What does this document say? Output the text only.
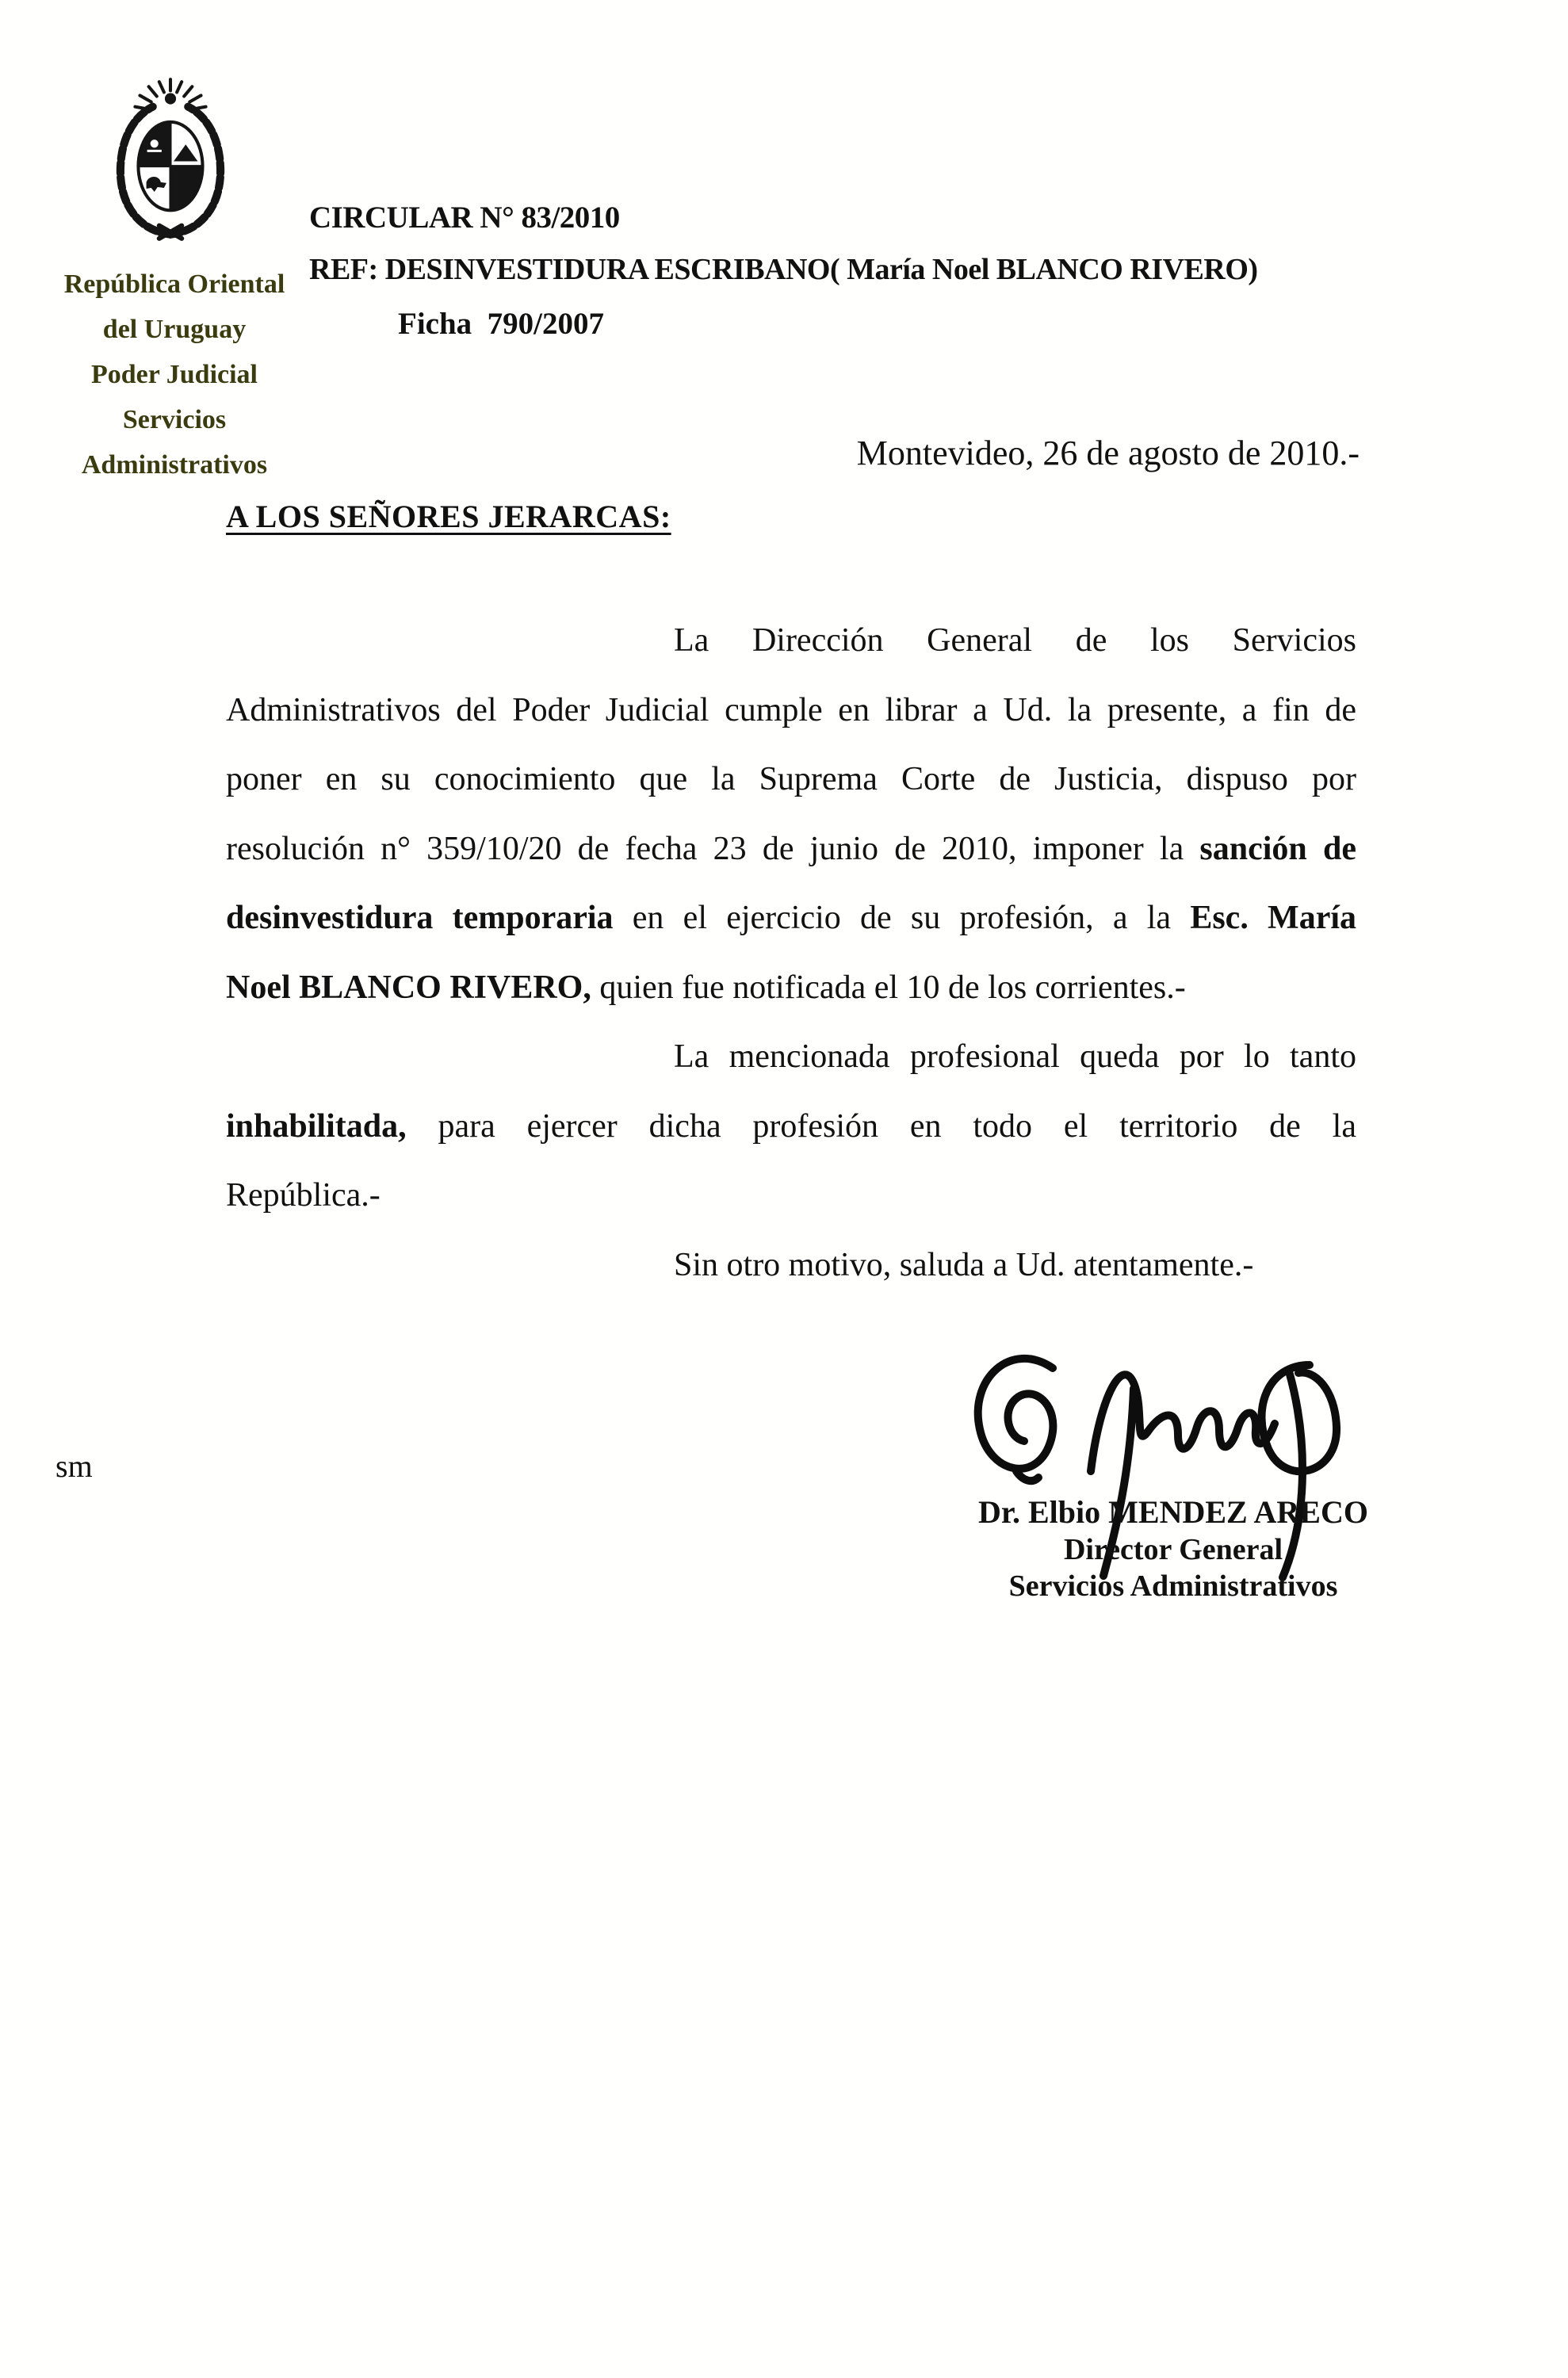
República Oriental
del Uruguay
Poder Judicial
Servicios
Administrativos
CIRCULAR N° 83/2010
REF: DESINVESTIDURA ESCRIBANO( María Noel BLANCO RIVERO)
Ficha  790/2007
Montevideo, 26 de agosto de 2010.-
A LOS SEÑORES JERARCAS:
La Dirección General de los Servicios
Administrativos del Poder Judicial cumple en librar a Ud. la presente, a fin de
poner en su conocimiento que la Suprema Corte de Justicia, dispuso por
resolución n° 359/10/20 de fecha 23 de junio de 2010, imponer la sanción de
desinvestidura temporaria en el ejercicio de su profesión, a la Esc. María
Noel BLANCO RIVERO, quien fue notificada el 10 de los corrientes.-
La mencionada profesional queda por lo tanto
inhabilitada, para ejercer dicha profesión en todo el territorio de la
República.-
Sin otro motivo, saluda a Ud. atentamente.-
sm
Dr. Elbio MENDEZ ARECO
Director General
Servicios Administrativos
